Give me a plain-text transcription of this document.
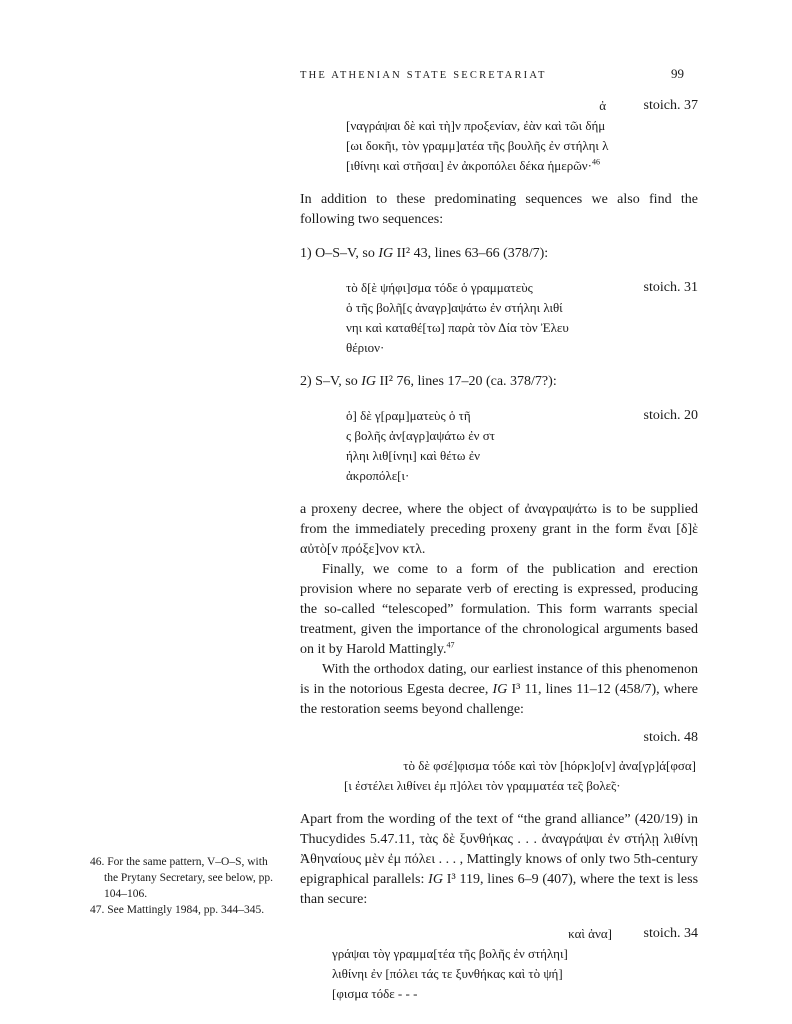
THE ATHENIAN STATE SECRETARIAT	99
stoich. 37
ἀ
[ναγράψαι δὲ καὶ τὴ]ν προξενίαν, ἐὰν καὶ τῶι δήμ
[ωι δοκῆι, τὸν γραμμ]ατέα τῆς βουλῆς ἐν στήληι λ
[ιθίνηι καὶ στῆσαι] ἐν ἀκροπόλει δέκα ἡμερῶν·$^{46}$

In addition to these predominating sequences we also find the following two sequences:

1) O–S–V, so IG II² 43, lines 63–66 (378/7):

stoich. 31
τὸ δ[ὲ ψήφι]σμα τόδε ὁ γραμματεὺς
ὁ τῆς βολῆ[ς ἀναγρ]αψάτω ἐν στήληι λιθί
νηι καὶ καταθέ[τω] παρὰ τὸν Δία τὸν Ἐλευ
θέριον·

2) S–V, so IG II² 76, lines 17–20 (ca. 378/7?):

stoich. 20
ὁ] δὲ γ[ραμ]ματεὺς ὁ τῆ
ς βολῆς ἀν[αγρ]αψάτω ἐν στ
ήληι λιθ[ίνηι] καὶ θέτω ἐν
ἀκροπόλε[ι·

a proxeny decree, where the object of ἀναγραψάτω is to be supplied from the immediately preceding proxeny grant in the form ἔναι [δ]ὲ αὐτὸ[ν πρόξε]νον κτλ.

Finally, we come to a form of the publication and erection provision where no separate verb of erecting is expressed, producing the so-called “telescoped” formulation. This form warrants special treatment, given the importance of the chronological arguments based on it by Harold Mattingly.$^{47}$

With the orthodox dating, our earliest instance of this phenomenon is in the notorious Egesta decree, IG I³ 11, lines 11–12 (458/7), where the restoration seems beyond challenge:

stoich. 48
τὸ δὲ φσέ]φισμα τόδε καὶ τὸν [hόρκ]ο[ν] ἀνα[γρ]ά[φσα]
[ι ἐστέλει λιθίνει ἐμ π]όλει τὸν γραμματέα τε̃ς βολε̃ς·

Apart from the wording of the text of “the grand alliance” (420/19) in Thucydides 5.47.11, τὰς δὲ ξυνθήκας . . . ἀναγράψαι ἐν στήλῃ λιθίνῃ Ἀθηναίους μὲν ἐμ πόλει . . . , Mattingly knows of only two 5th-century epigraphical parallels: IG I³ 119, lines 6–9 (407), where the text is less than secure:

stoich. 34
καὶ ἀνα]
γράψαι τὸγ γραμμα[τέα τῆς βολῆς ἐν στήληι]
λιθίνηι ἐν [πόλει τάς τε ξυνθήκας καὶ τὸ ψή]
[φισμα τόδε - - -

46. For the same pattern, V–O–S, with the Prytany Secretary, see below, pp. 104–106.

47. See Mattingly 1984, pp. 344–345.
